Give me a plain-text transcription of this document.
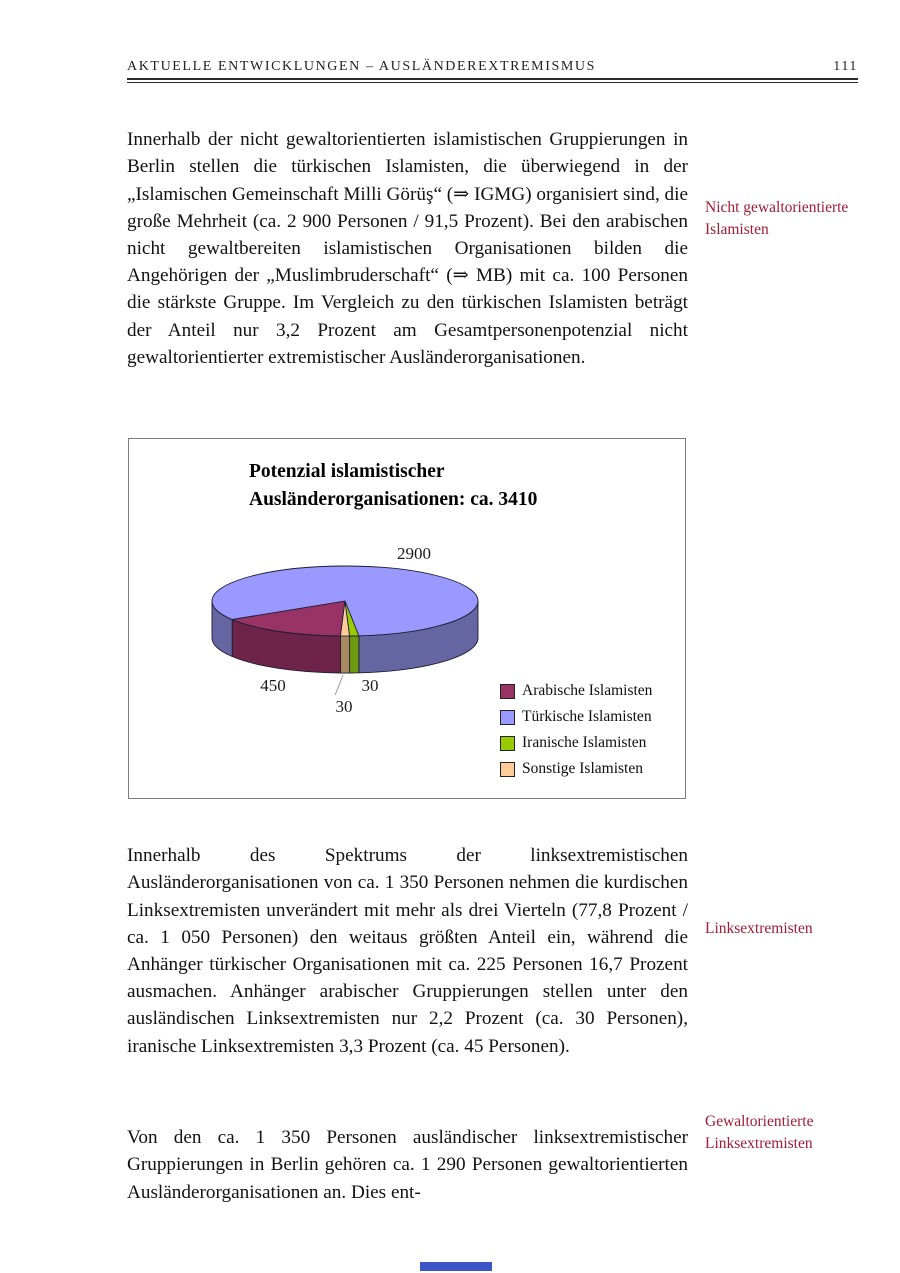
AKTUELLE ENTWICKLUNGEN – AUSLÄNDEREXTREMISMUS	111

Innerhalb der nicht gewaltorientierten islamistischen Gruppierungen in Berlin stellen die türkischen Islamisten, die überwiegend in der „Islamischen Gemeinschaft Milli Görüş“ (⇒ IGMG) organisiert sind, die große Mehrheit (ca. 2 900 Personen / 91,5 Prozent). Bei den arabischen nicht gewaltbereiten islamistischen Organisationen bilden die Angehörigen der „Muslimbruderschaft“ (⇒ MB) mit ca. 100 Personen die stärkste Gruppe. Im Vergleich zu den türkischen Islamisten beträgt der Anteil nur 3,2 Prozent am Gesamtpersonenpotenzial nicht gewaltorientierter extremistischer Ausländerorganisationen.

Nicht gewaltorientierte Islamisten
Potenzial islamistischer
Ausländerorganisationen: ca. 3410
2900
450	30
30
Arabische Islamisten
Türkische Islamisten
Iranische Islamisten
Sonstige Islamisten

Innerhalb des Spektrums der linksextremistischen Ausländerorganisationen von ca. 1 350 Personen nehmen die kurdischen Linksextremisten unverändert mit mehr als drei Vierteln (77,8 Prozent / ca. 1 050 Personen) den weitaus größten Anteil ein, während die Anhänger türkischer Organisationen mit ca. 225 Personen 16,7 Prozent ausmachen. Anhänger arabischer Gruppierungen stellen unter den ausländischen Linksextremisten nur 2,2 Prozent (ca. 30 Personen), iranische Linksextremisten 3,3 Prozent (ca. 45 Personen).

Linksextremisten

Von den ca. 1 350 Personen ausländischer linksextremistischer Gruppierungen in Berlin gehören ca. 1 290 Personen gewaltorientierten Ausländerorganisationen an. Dies ent-

Gewaltorientierte Linksextremisten
